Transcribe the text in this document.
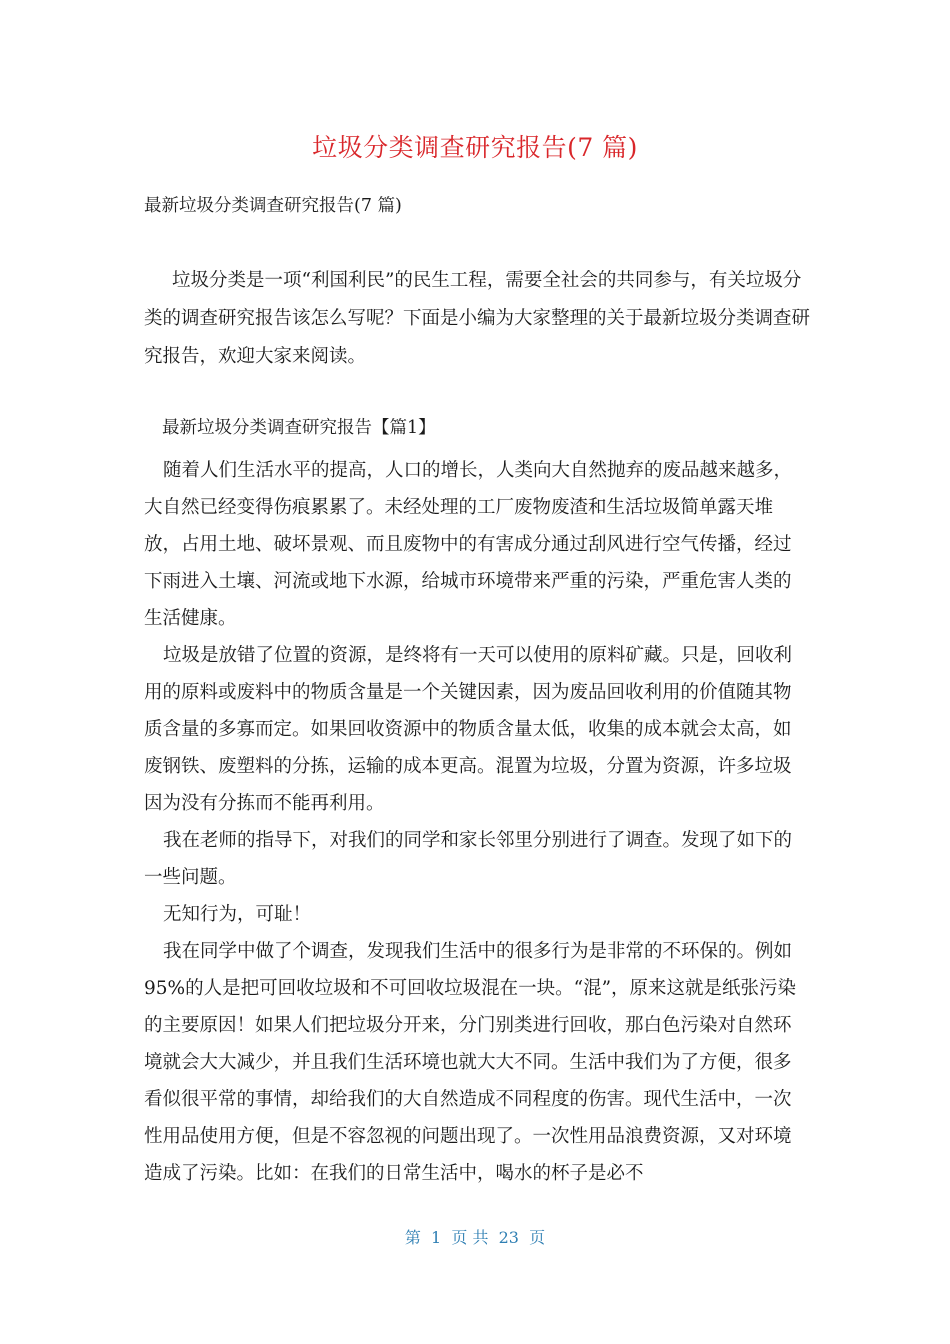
垃圾分类调查研究报告(7 篇)
最新垃圾分类调查研究报告(7 篇)
垃圾分类是一项“利国利民”的民生工程，需要全社会的共同参与，有关垃圾分类的调查研究报告该怎么写呢？下面是小编为大家整理的关于最新垃圾分类调查研究报告，欢迎大家来阅读。
最新垃圾分类调查研究报告【篇1】

随着人们生活水平的提高，人口的增长，人类向大自然抛弃的废品越来越多，大自然已经变得伤痕累累了。未经处理的工厂废物废渣和生活垃圾简单露天堆放，占用土地、破坏景观、而且废物中的有害成分通过刮风进行空气传播，经过下雨进入土壤、河流或地下水源，给城市环境带来严重的污染，严重危害人类的生活健康。

垃圾是放错了位置的资源，是终将有一天可以使用的原料矿藏。只是，回收利用的原料或废料中的物质含量是一个关键因素，因为废品回收利用的价值随其物质含量的多寡而定。如果回收资源中的物质含量太低，收集的成本就会太高，如废钢铁、废塑料的分拣，运输的成本更高。混置为垃圾，分置为资源，许多垃圾因为没有分拣而不能再利用。

我在老师的指导下，对我们的同学和家长邻里分别进行了调查。发现了如下的一些问题。

无知行为，可耻！

我在同学中做了个调查，发现我们生活中的很多行为是非常的不环保的。例如95%的人是把可回收垃圾和不可回收垃圾混在一块。“混”，原来这就是纸张污染的主要原因！如果人们把垃圾分开来，分门别类进行回收，那白色污染对自然环境就会大大减少，并且我们生活环境也就大大不同。生活中我们为了方便，很多看似很平常的事情，却给我们的大自然造成不同程度的伤害。现代生活中，一次性用品使用方便，但是不容忽视的问题出现了。一次性用品浪费资源，又对环境造成了污染。比如：在我们的日常生活中，喝水的杯子是必不

第  1  页 共  23  页
